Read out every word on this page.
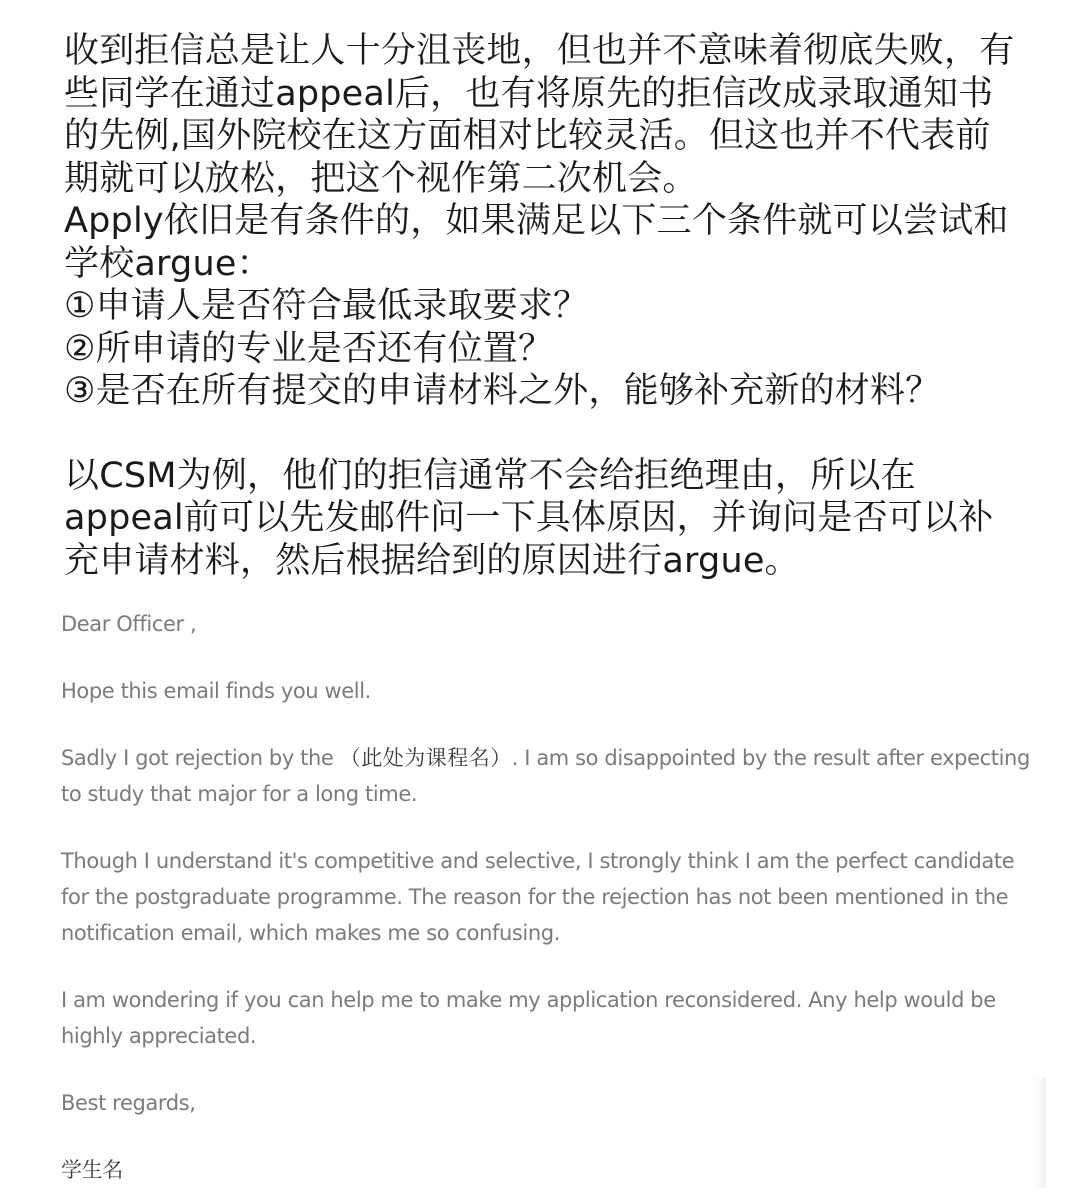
收到拒信总是让人十分沮丧地，但也并不意味着彻底失败，有些同学在通过appeal后，也有将原先的拒信改成录取通知书的先例,国外院校在这方面相对比较灵活。但这也并不代表前期就可以放松，把这个视作第二次机会。

Apply依旧是有条件的，如果满足以下三个条件就可以尝试和学校argue：

①申请人是否符合最低录取要求？

②所申请的专业是否还有位置？

③是否在所有提交的申请材料之外，能够补充新的材料？

以CSM为例，他们的拒信通常不会给拒绝理由，所以在appeal前可以先发邮件问一下具体原因，并询问是否可以补充申请材料，然后根据给到的原因进行argue。

Dear Officer ,

Hope this email finds you well.

Sadly I got rejection by the （此处为课程名）. I am so disappointed by the result after expecting to study that major for a long time.

Though I understand it's competitive and selective, I strongly think I am the perfect candidate for the postgraduate programme. The reason for the rejection has not been mentioned in the notification email, which makes me so confusing.

I am wondering if you can help me to make my application reconsidered. Any help would be highly appreciated.

Best regards,

学生名
